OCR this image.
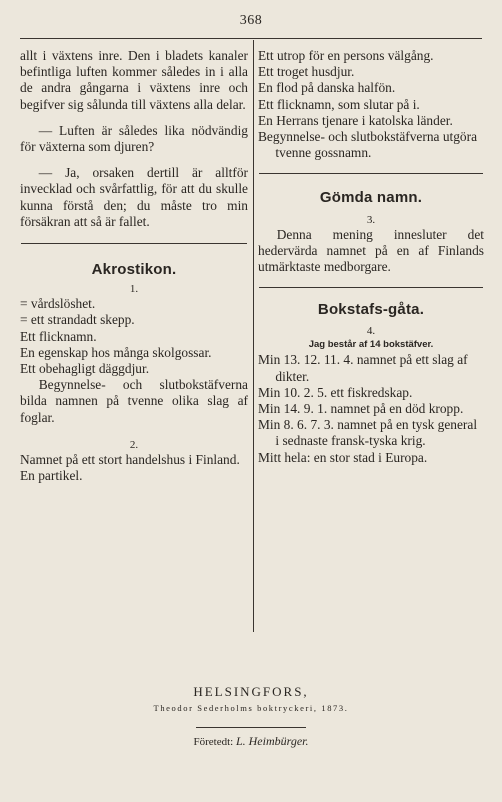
368

allt i växtens inre. Den i bladets kanaler befintliga luften kommer således in i alla de andra gångarna i växtens inre och begifver sig sålunda till växtens alla delar.

— Luften är således lika nödvändig för växterna som djuren?

— Ja, orsaken dertill är alltför invecklad och svårfattlig, för att du skulle kunna förstå den; du måste tro min försäkran att så är fallet.

Akrostikon.

1.

= vårdslöshet.

= ett strandadt skepp.

Ett flicknamn.

En egenskap hos många skolgossar.

Ett obehagligt däggdjur.

Begynnelse- och slutbokstäfverna bilda namnen på tvenne olika slag af foglar.

2.

Namnet på ett stort handelshus i Finland.

En partikel.

Ett utrop för en persons välgång.

Ett troget husdjur.

En flod på danska halfön.

Ett flicknamn, som slutar på i.

En Herrans tjenare i katolska länder.

Begynnelse- och slutbokstäfverna utgöra tvenne gossnamn.

Gömda namn.

3.

Denna mening innesluter det hedervärda namnet på en af Finlands utmärktaste medborgare.

Bokstafs-gåta.

4.

Jag består af 14 bokstäfver.

Min 13. 12. 11. 4. namnet på ett slag af dikter.

Min 10. 2. 5. ett fiskredskap.

Min 14. 9. 1. namnet på en död kropp.

Min 8. 6. 7. 3. namnet på en tysk general i sednaste fransk-tyska krig.

Mitt hela: en stor stad i Europa.

HELSINGFORS,
Theodor Sederholms boktryckeri, 1873.
Företedt: L. Heimbürger.
